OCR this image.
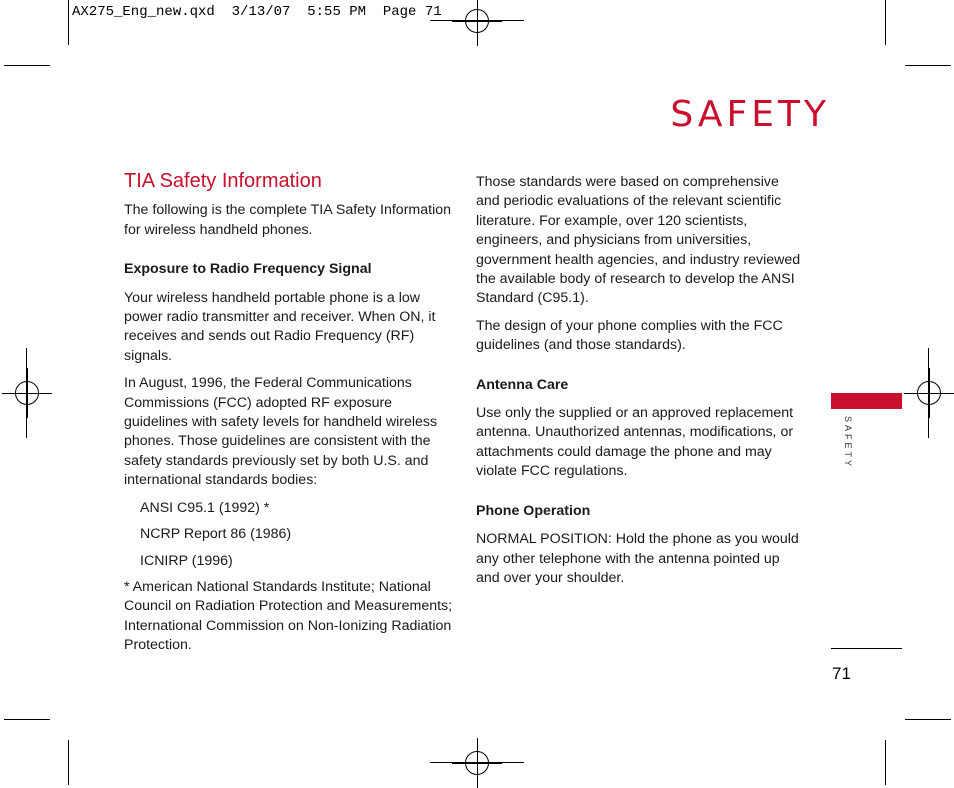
AX275_Eng_new.qxd  3/13/07  5:55 PM  Page 71
SAFETY
TIA Safety Information

The following is the complete TIA Safety Information for wireless handheld phones.

Exposure to Radio Frequency Signal

Your wireless handheld portable phone is a low power radio transmitter and receiver. When ON, it receives and sends out Radio Frequency (RF) signals.

In August, 1996, the Federal Communications Commissions (FCC) adopted RF exposure guidelines with safety levels for handheld wireless phones. Those guidelines are consistent with the safety standards previously set by both U.S. and international standards bodies:

ANSI C95.1 (1992) *

NCRP Report 86 (1986)

ICNIRP (1996)

* American National Standards Institute; National Council on Radiation Protection and Measurements; International Commission on Non-Ionizing Radiation Protection.

Those standards were based on comprehensive and periodic evaluations of the relevant scientific literature. For example, over 120 scientists, engineers, and physicians from universities, government health agencies, and industry reviewed the available body of research to develop the ANSI Standard (C95.1).

The design of your phone complies with the FCC guidelines (and those standards).

Antenna Care

Use only the supplied or an approved replacement antenna. Unauthorized antennas, modifications, or attachments could damage the phone and may violate FCC regulations.

Phone Operation

NORMAL POSITION: Hold the phone as you would any other telephone with the antenna pointed up and over your shoulder.

SAFETY
71
